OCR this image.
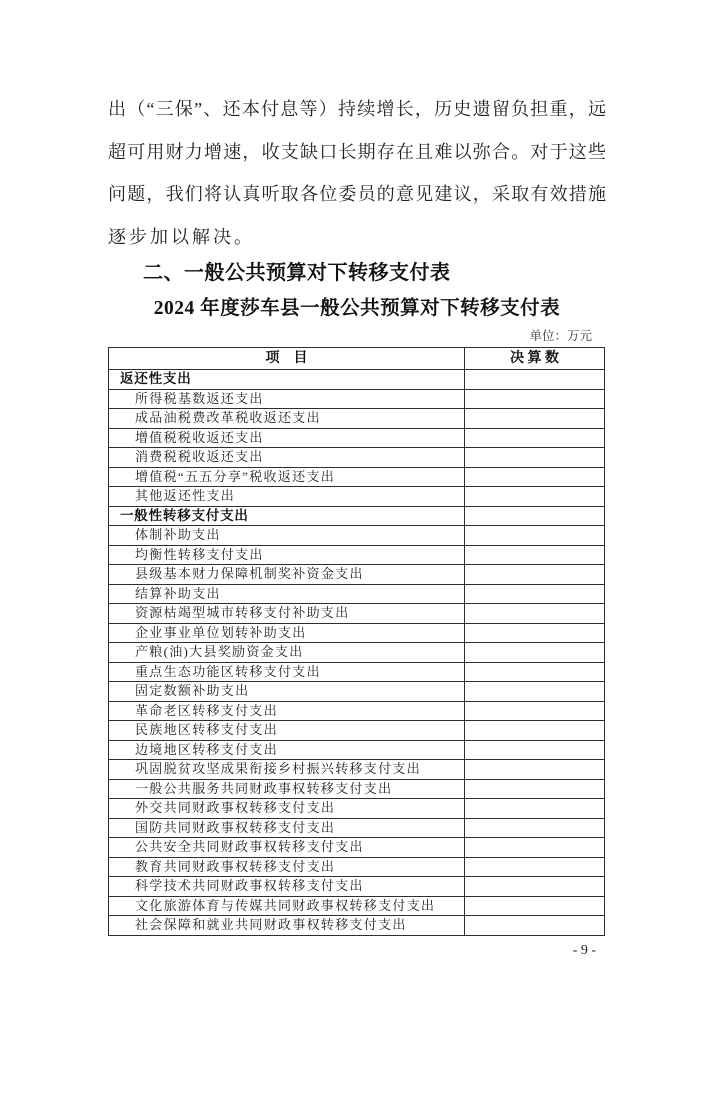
出（“三保”、还本付息等）持续增长，历史遗留负担重，远
超可用财力增速，收支缺口长期存在且难以弥合。对于这些
问题，我们将认真听取各位委员的意见建议，采取有效措施
逐步加以解决。
二、一般公共预算对下转移支付表
2024 年度莎车县一般公共预算对下转移支付表
单位：万元
项　目	决 算 数
返还性支出	
所得税基数返还支出	
成品油税费改革税收返还支出	
增值税税收返还支出	
消费税税收返还支出	
增值税“五五分享”税收返还支出	
其他返还性支出	
一般性转移支付支出	
体制补助支出	
均衡性转移支付支出	
县级基本财力保障机制奖补资金支出	
结算补助支出	
资源枯竭型城市转移支付补助支出	
企业事业单位划转补助支出	
产粮(油)大县奖励资金支出	
重点生态功能区转移支付支出	
固定数额补助支出	
革命老区转移支付支出	
民族地区转移支付支出	
边境地区转移支付支出	
巩固脱贫攻坚成果衔接乡村振兴转移支付支出	
一般公共服务共同财政事权转移支付支出	
外交共同财政事权转移支付支出	
国防共同财政事权转移支付支出	
公共安全共同财政事权转移支付支出	
教育共同财政事权转移支付支出	
科学技术共同财政事权转移支付支出	
文化旅游体育与传媒共同财政事权转移支付支出	
社会保障和就业共同财政事权转移支付支出	
- 9 -
